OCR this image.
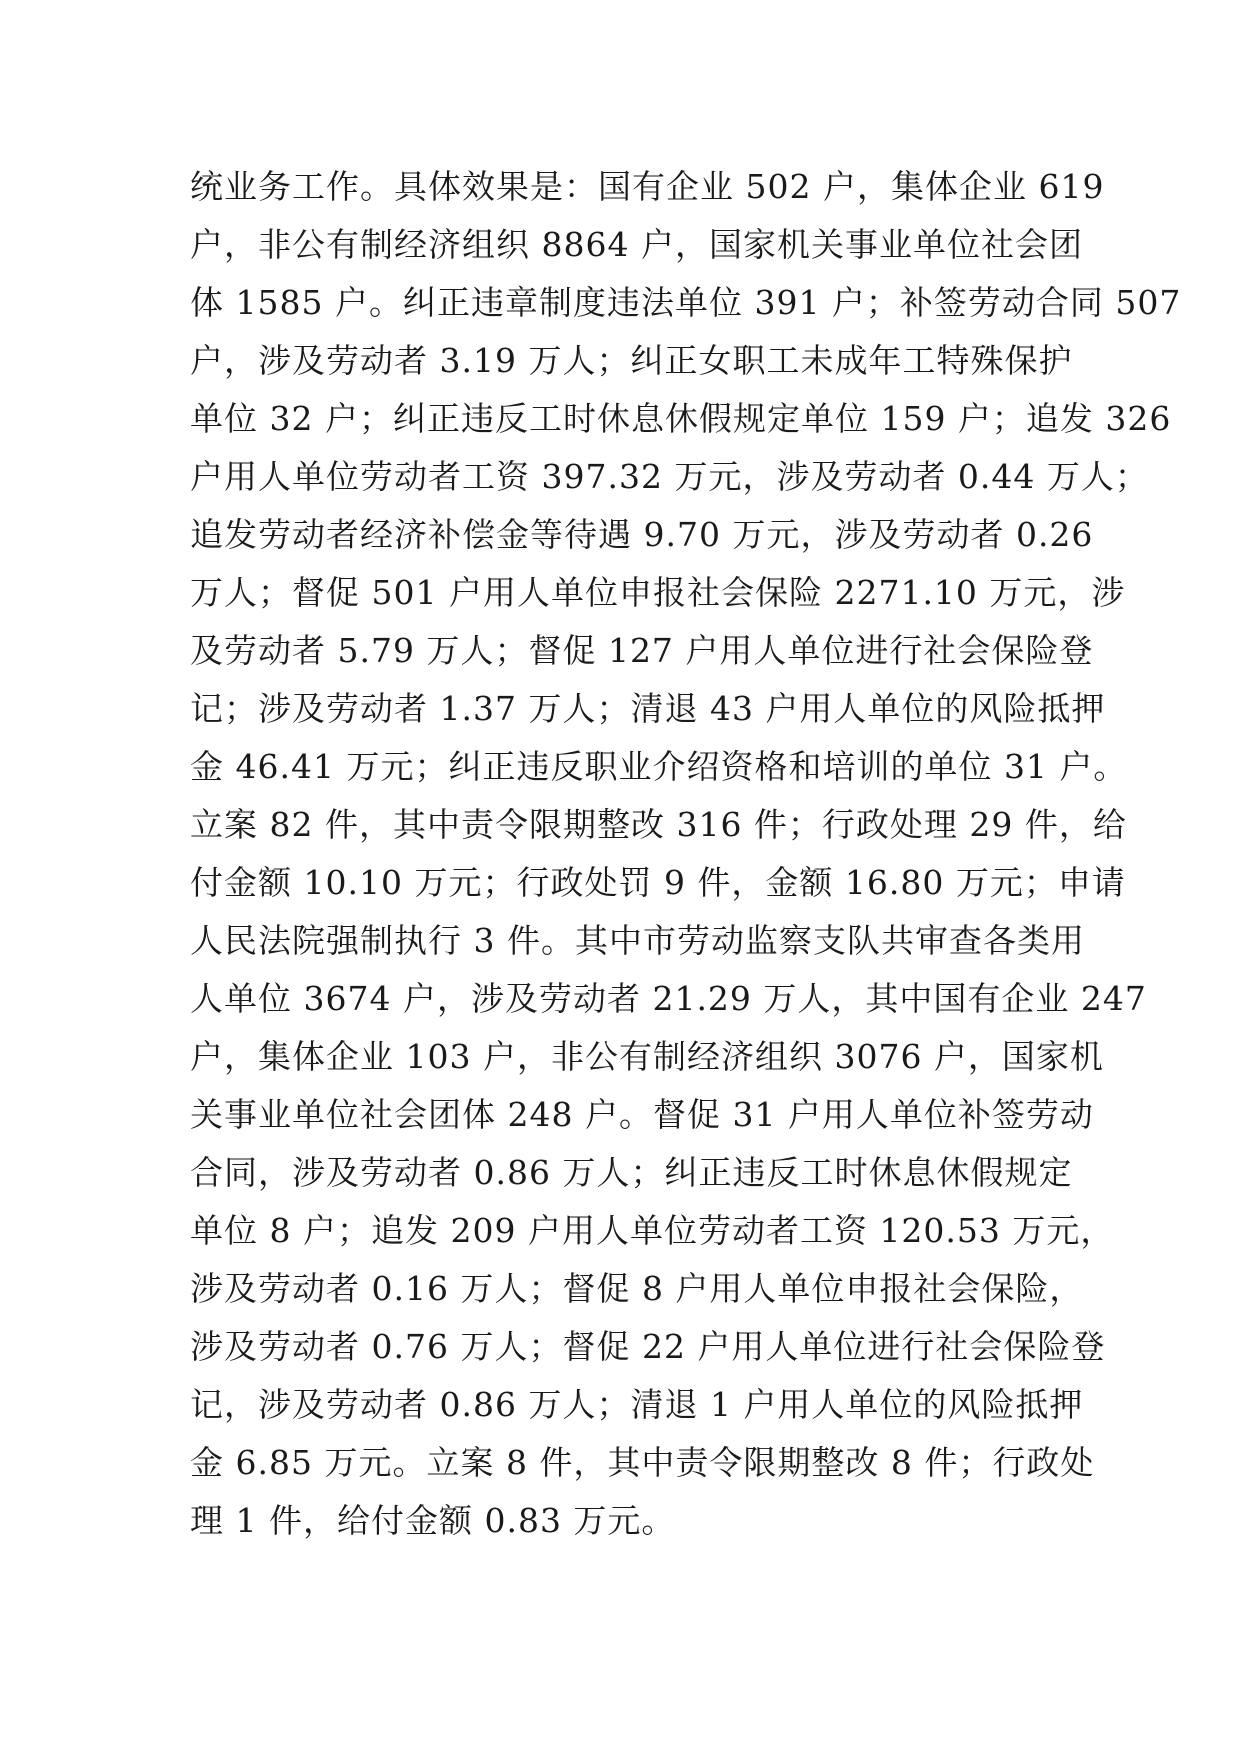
统业务工作。具体效果是：国有企业 502 户，集体企业 619
户，非公有制经济组织 8864 户，国家机关事业单位社会团
体 1585 户。纠正违章制度违法单位 391 户；补签劳动合同 507
户，涉及劳动者 3.19 万人；纠正女职工未成年工特殊保护
单位 32 户；纠正违反工时休息休假规定单位 159 户；追发 326
户用人单位劳动者工资 397.32 万元，涉及劳动者 0.44 万人；
追发劳动者经济补偿金等待遇 9.70 万元，涉及劳动者 0.26
万人；督促 501 户用人单位申报社会保险 2271.10 万元，涉
及劳动者 5.79 万人；督促 127 户用人单位进行社会保险登
记；涉及劳动者 1.37 万人；清退 43 户用人单位的风险抵押
金 46.41 万元；纠正违反职业介绍资格和培训的单位 31 户。
立案 82 件，其中责令限期整改 316 件；行政处理 29 件，给
付金额 10.10 万元；行政处罚 9 件，金额 16.80 万元；申请
人民法院强制执行 3 件。其中市劳动监察支队共审查各类用
人单位 3674 户，涉及劳动者 21.29 万人，其中国有企业 247
户，集体企业 103 户，非公有制经济组织 3076 户，国家机
关事业单位社会团体 248 户。督促 31 户用人单位补签劳动
合同，涉及劳动者 0.86 万人；纠正违反工时休息休假规定
单位 8 户；追发 209 户用人单位劳动者工资 120.53 万元，
涉及劳动者 0.16 万人；督促 8 户用人单位申报社会保险，
涉及劳动者 0.76 万人；督促 22 户用人单位进行社会保险登
记，涉及劳动者 0.86 万人；清退 1 户用人单位的风险抵押
金 6.85 万元。立案 8 件，其中责令限期整改 8 件；行政处
理 1 件，给付金额 0.83 万元。
